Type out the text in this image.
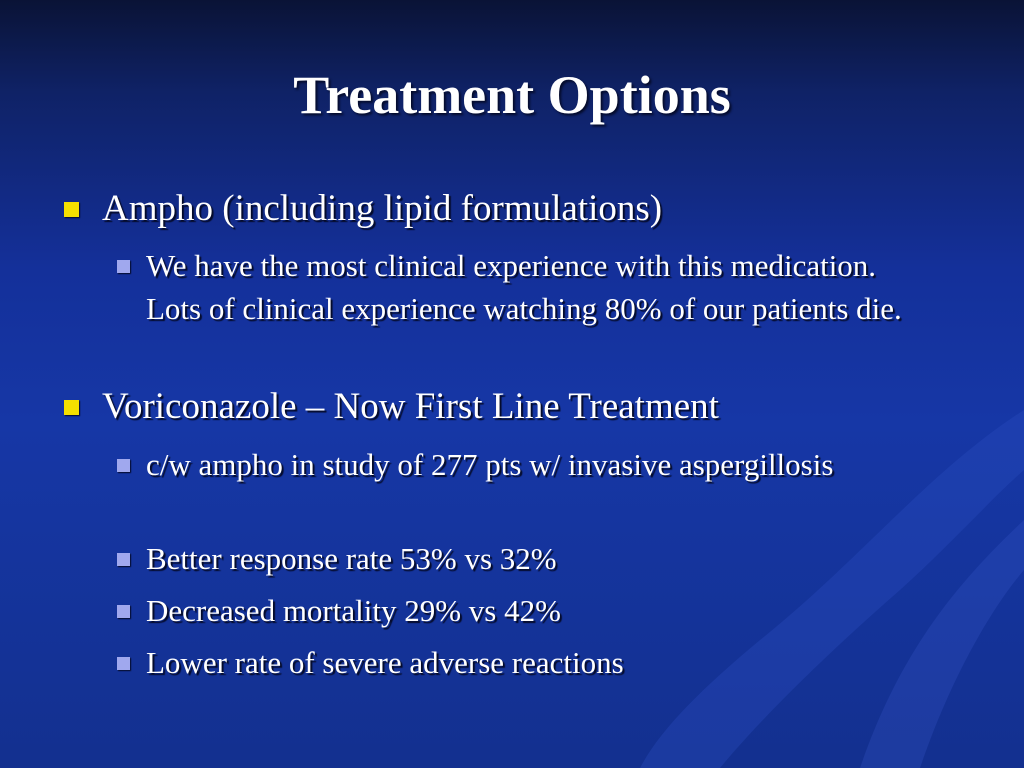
Treatment Options
Ampho (including lipid formulations)
We have the most clinical experience with this medication. Lots of clinical experience watching 80% of our patients die.
Voriconazole – Now First Line Treatment
c/w ampho in study of 277 pts w/ invasive aspergillosis
Better response rate 53% vs 32%
Decreased mortality 29% vs 42%
Lower rate of severe adverse reactions
